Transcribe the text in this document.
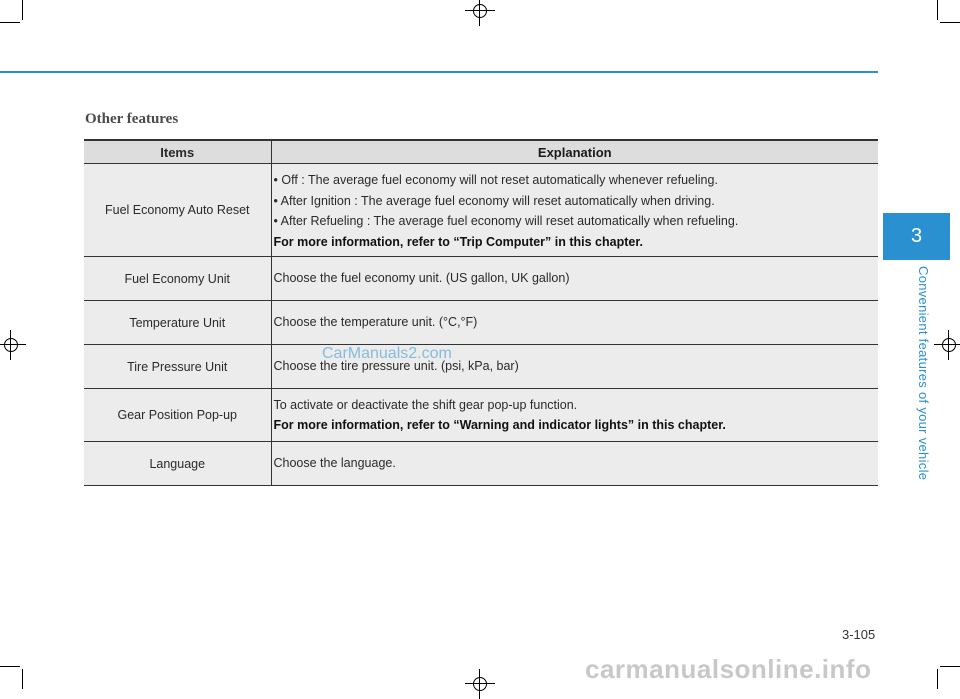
Other features
Items	Explanation
Fuel Economy Auto Reset	• Off : The average fuel economy will not reset automatically whenever refueling.
• After Ignition : The average fuel economy will reset automatically when driving.
• After Refueling : The average fuel economy will reset automatically when refueling.
For more information, refer to “Trip Computer” in this chapter.

Fuel Economy Unit	Choose the fuel economy unit. (US gallon, UK gallon)

Temperature Unit	Choose the temperature unit. (°C,°F)

Tire Pressure Unit	Choose the tire pressure unit. (psi, kPa, bar)

Gear Position Pop-up	To activate or deactivate the shift gear pop-up function.
For more information, refer to “Warning and indicator lights” in this chapter.

Language	Choose the language.
CarManuals2.com
3
Convenient features of your vehicle
3-105
carmanualsonline.info
